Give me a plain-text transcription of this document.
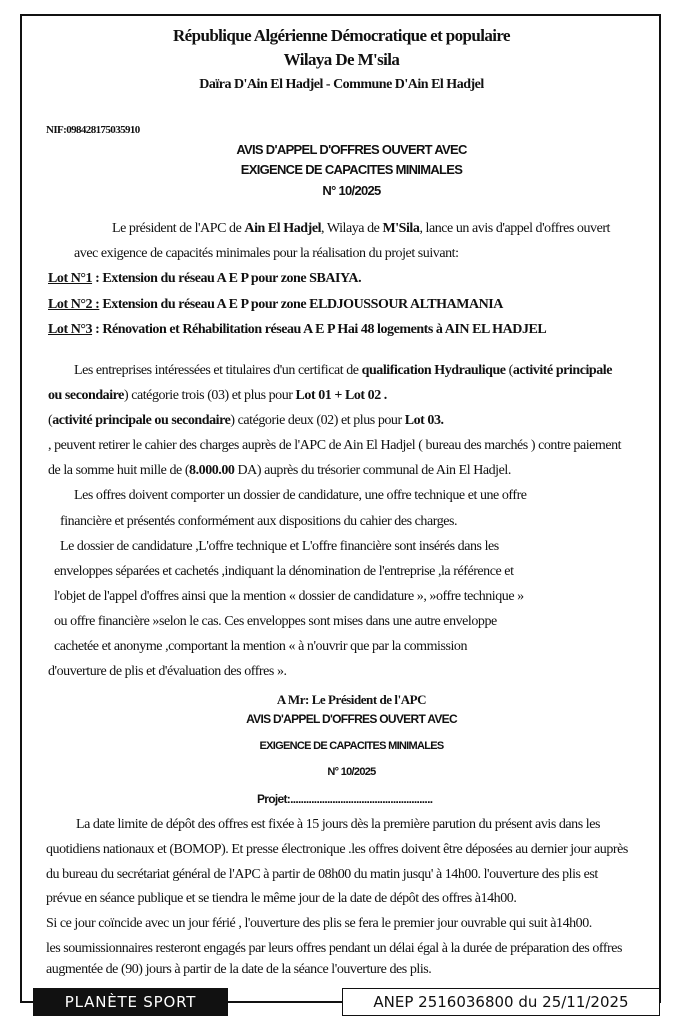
République Algérienne Démocratique et populaire
Wilaya De M'sila
Daïra D'Ain El Hadjel - Commune D'Ain El Hadjel
NIF:098428175035910
AVIS D'APPEL D'OFFRES OUVERT AVEC
EXIGENCE DE CAPACITES MINIMALES
N° 10/2025
Le président de l'APC de Ain El Hadjel, Wilaya de M'Sila, lance un avis d'appel d'offres ouvert
avec exigence de capacités minimales pour la réalisation du projet suivant:
Lot N°1 : Extension du réseau A E P pour zone SBAIYA.
Lot N°2 : Extension du réseau A E P pour zone ELDJOUSSOUR ALTHAMANIA
Lot N°3 : Rénovation et Réhabilitation réseau A E P Hai 48 logements à AIN EL HADJEL
Les entreprises intéressées et titulaires d'un certificat de qualification Hydraulique (activité principale
ou secondaire) catégorie trois (03) et plus pour Lot 01 + Lot 02 .
(activité principale ou secondaire) catégorie deux (02) et plus pour Lot 03.
, peuvent retirer le cahier des charges auprès de l'APC de Ain El Hadjel ( bureau des marchés ) contre paiement
de la somme huit mille de (8.000.00 DA) auprès du trésorier communal de Ain El Hadjel.
Les offres doivent comporter un dossier de candidature, une offre technique et une offre
financière et présentés conformément aux dispositions du cahier des charges.
Le dossier de candidature ,L'offre technique et L'offre financière sont insérés dans les
enveloppes séparées et cachetés ,indiquant la dénomination de l'entreprise ,la référence et
l'objet de l'appel d'offres ainsi que la mention « dossier de candidature », »offre technique »
ou offre financière »selon le cas. Ces enveloppes sont mises dans une autre enveloppe
cachetée et anonyme ,comportant la mention « à n'ouvrir que par la commission
d'ouverture de plis et d'évaluation des offres ».
A Mr: Le Président de l'APC
AVIS D'APPEL D'OFFRES OUVERT AVEC
EXIGENCE DE CAPACITES MINIMALES
N° 10/2025
Projet:......................................................
La date limite de dépôt des offres est fixée à 15 jours dès la première parution du présent avis dans les
quotidiens nationaux et (BOMOP). Et presse électronique .les offres doivent être déposées au dernier jour auprès
du bureau du secrétariat général de l'APC à partir de 08h00 du matin jusqu' à 14h00. l'ouverture des plis est
prévue en séance publique et se tiendra le même jour de la date de dépôt des offres à14h00.
Si ce jour coïncide avec un jour férié , l'ouverture des plis se fera le premier jour ouvrable qui suit à14h00.
les soumissionnaires resteront engagés par leurs offres pendant un délai égal à la durée de préparation des offres
augmentée de (90) jours à partir de la date de la séance l'ouverture des plis.
PLANÈTE SPORT	ANEP 2516036800 du 25/11/2025
